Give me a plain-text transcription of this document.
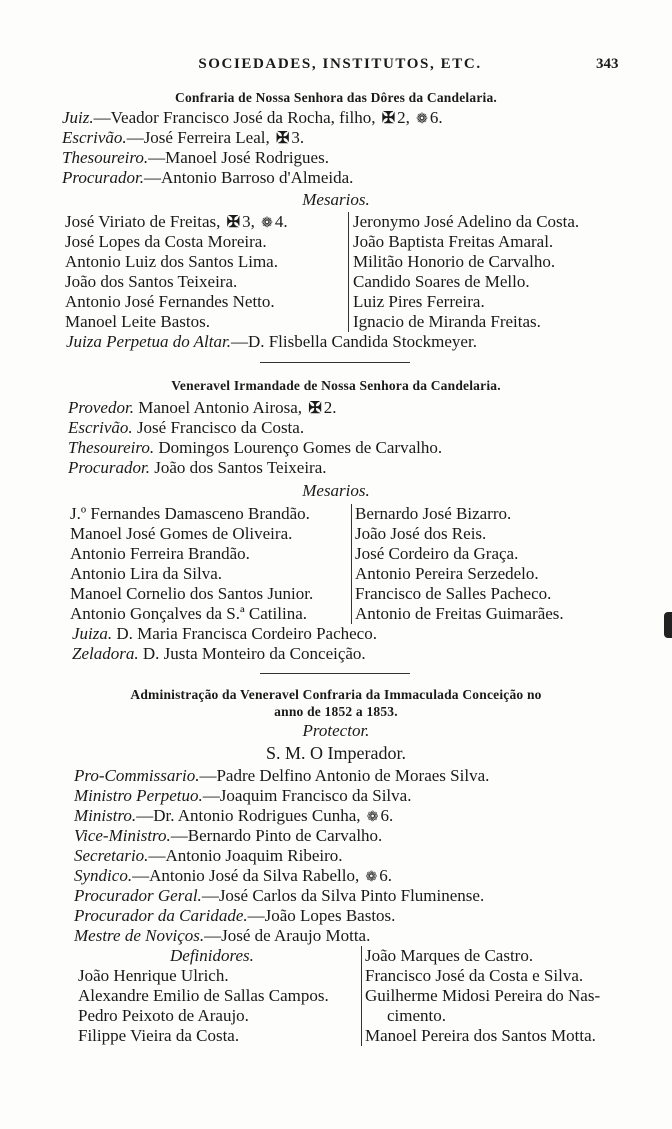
SOCIEDADES, INSTITUTOS, ETC.	343
Confraria de Nossa Senhora das Dôres da Candelaria.
Juiz.—Veador Francisco José da Rocha, filho, ✠ 2, ❁ 6.
Escrivão.—José Ferreira Leal, ✠ 3.
Thesoureiro.—Manoel José Rodrigues.
Procurador.—Antonio Barroso d'Almeida.
Mesarios.
José Viriato de Freitas, ✠ 3, ❁ 4.	Jeronymo José Adelino da Costa.
José Lopes da Costa Moreira.	João Baptista Freitas Amaral.
Antonio Luiz dos Santos Lima.	Militão Honorio de Carvalho.
João dos Santos Teixeira.	Candido Soares de Mello.
Antonio José Fernandes Netto.	Luiz Pires Ferreira.
Manoel Leite Bastos.	Ignacio de Miranda Freitas.
Juiza Perpetua do Altar.—D. Flisbella Candida Stockmeyer.
Veneravel Irmandade de Nossa Senhora da Candelaria.
Provedor. Manoel Antonio Airosa, ✠ 2.
Escrivão. José Francisco da Costa.
Thesoureiro. Domingos Lourenço Gomes de Carvalho.
Procurador. João dos Santos Teixeira.
Mesarios.
J.º Fernandes Damasceno Brandão.	Bernardo José Bizarro.
Manoel José Gomes de Oliveira.	João José dos Reis.
Antonio Ferreira Brandão.	José Cordeiro da Graça.
Antonio Lira da Silva.	Antonio Pereira Serzedelo.
Manoel Cornelio dos Santos Junior. Francisco de Salles Pacheco.
Antonio Gonçalves da S.ª Catilina.	Antonio de Freitas Guimarães.
Juiza. D. Maria Francisca Cordeiro Pacheco.
Zeladora. D. Justa Monteiro da Conceição.
Administração da Veneravel Confraria da Immaculada Conceição no
anno de 1852 a 1853.
Protector.
S. M. O Imperador.
Pro-Commissario.—Padre Delfino Antonio de Moraes Silva.
Ministro Perpetuo.—Joaquim Francisco da Silva.
Ministro.—Dr. Antonio Rodrigues Cunha, ❁ 6.
Vice-Ministro.—Bernardo Pinto de Carvalho.
Secretario.—Antonio Joaquim Ribeiro.
Syndico.—Antonio José da Silva Rabello, ❁ 6.
Procurador Geral.—José Carlos da Silva Pinto Fluminense.
Procurador da Caridade.—João Lopes Bastos.
Mestre de Noviços.—José de Araujo Motta.
Definidores.	João Marques de Castro.
João Henrique Ulrich.	Francisco José da Costa e Silva.
Alexandre Emilio de Sallas Campos. Guilherme Midosi Pereira do Nas-
Pedro Peixoto de Araujo.	cimento.
Filippe Vieira da Costa.	Manoel Pereira dos Santos Motta.
